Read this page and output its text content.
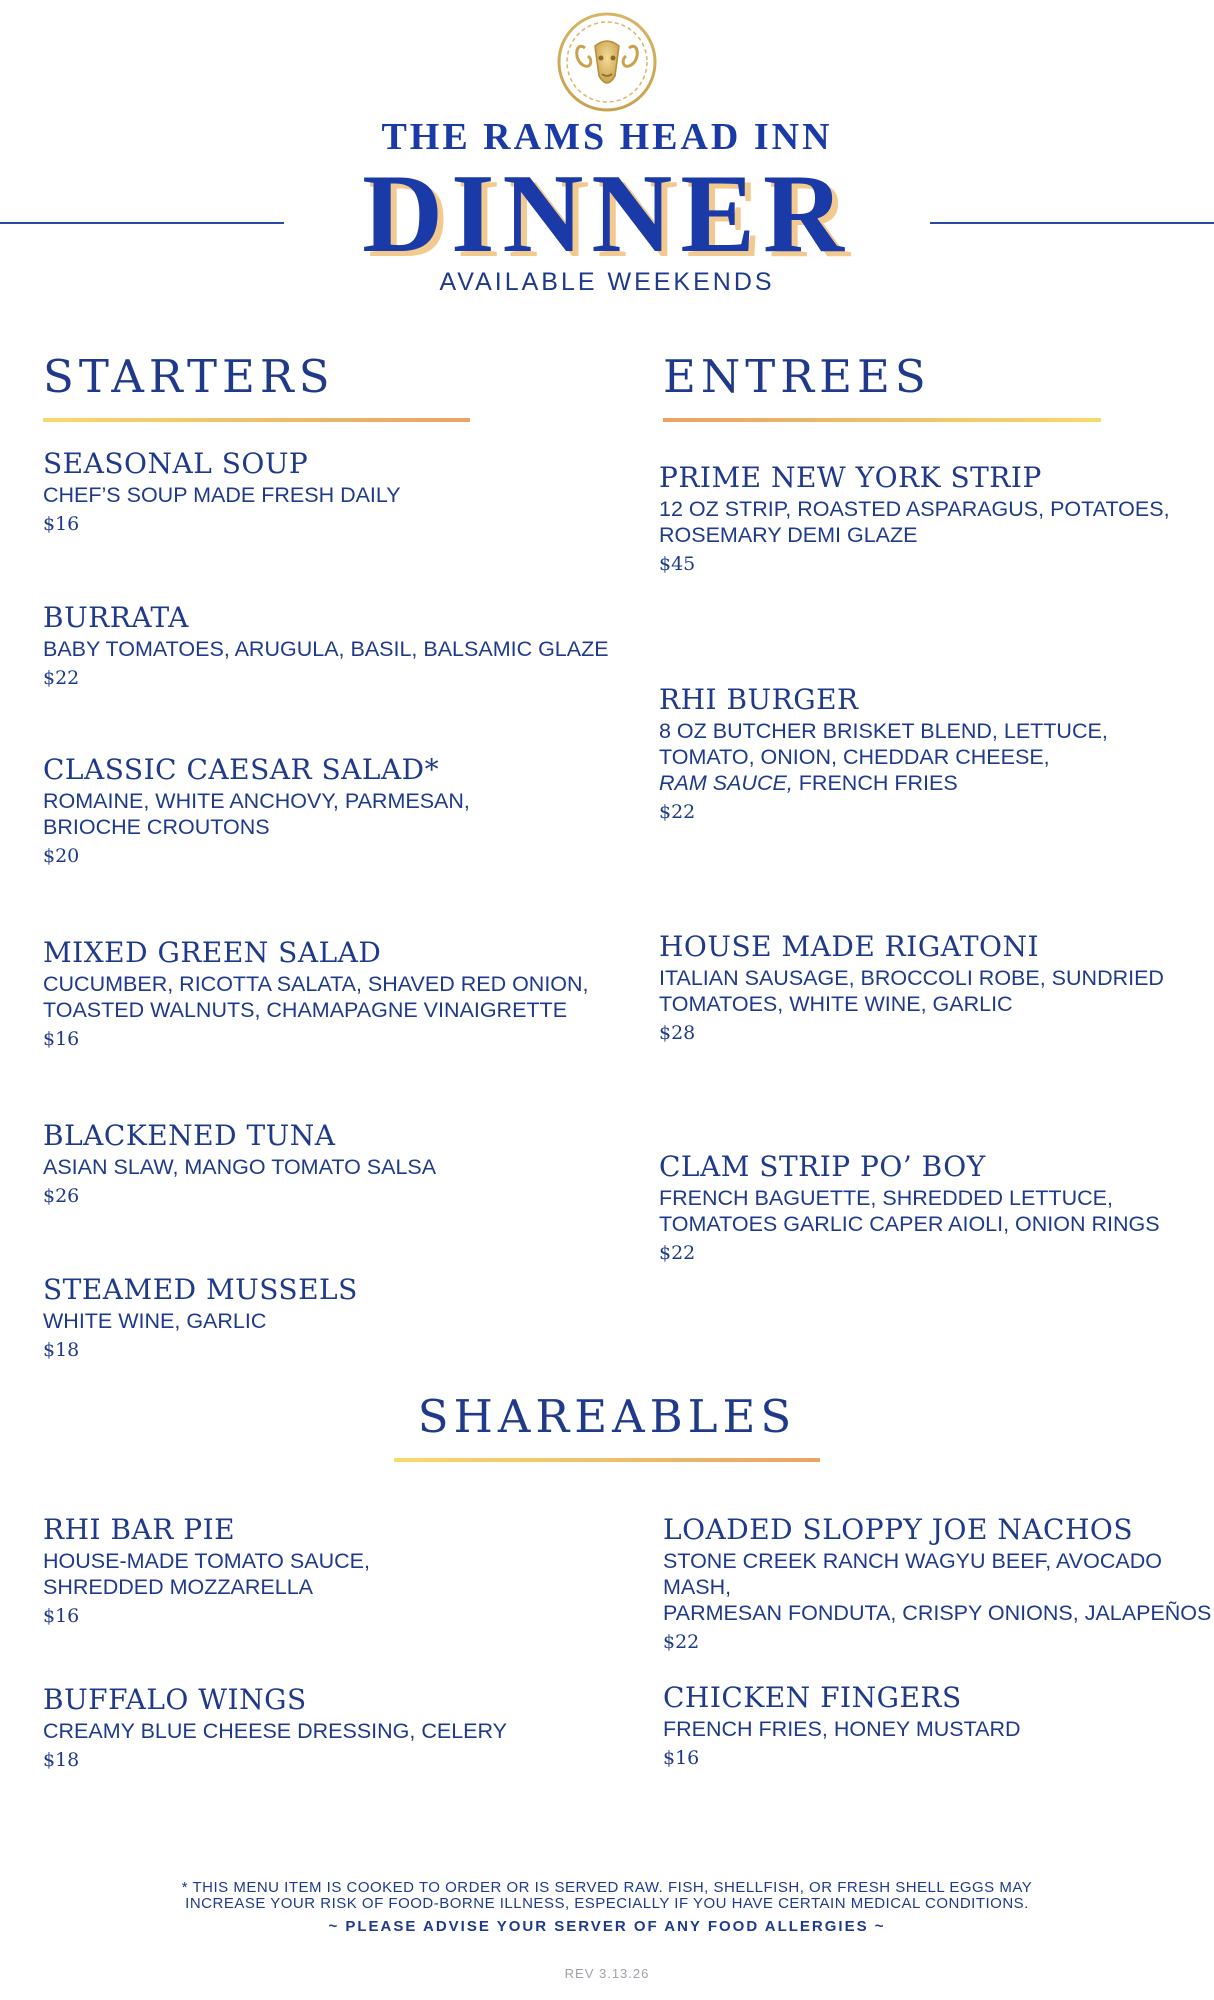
THE RAMS HEAD INN
DINNER
AVAILABLE WEEKENDS
STARTERS
SEASONAL SOUP
CHEF’S SOUP MADE FRESH DAILY
$16
BURRATA
BABY TOMATOES, ARUGULA, BASIL, BALSAMIC GLAZE
$22
CLASSIC CAESAR SALAD*
ROMAINE, WHITE ANCHOVY, PARMESAN,
BRIOCHE CROUTONS
$20
MIXED GREEN SALAD
CUCUMBER, RICOTTA SALATA, SHAVED RED ONION,
TOASTED WALNUTS, CHAMAPAGNE VINAIGRETTE
$16
BLACKENED TUNA
ASIAN SLAW, MANGO TOMATO SALSA
$26
STEAMED MUSSELS
WHITE WINE, GARLIC
$18
ENTREES
PRIME NEW YORK STRIP
12 OZ STRIP, ROASTED ASPARAGUS, POTATOES,
ROSEMARY DEMI GLAZE
$45
RHI BURGER
8 OZ BUTCHER BRISKET BLEND, LETTUCE,
TOMATO, ONION, CHEDDAR CHEESE,
RAM SAUCE, FRENCH FRIES
$22
HOUSE MADE RIGATONI
ITALIAN SAUSAGE, BROCCOLI ROBE, SUNDRIED
TOMATOES, WHITE WINE, GARLIC
$28
CLAM STRIP PO’ BOY
FRENCH BAGUETTE, SHREDDED LETTUCE,
TOMATOES GARLIC CAPER AIOLI, ONION RINGS
$22
SHAREABLES
RHI BAR PIE
HOUSE-MADE TOMATO SAUCE,
SHREDDED MOZZARELLA
$16
BUFFALO WINGS
CREAMY BLUE CHEESE DRESSING, CELERY
$18
LOADED SLOPPY JOE NACHOS
STONE CREEK RANCH WAGYU BEEF, AVOCADO MASH,
PARMESAN FONDUTA, CRISPY ONIONS, JALAPEÑOS
$22
CHICKEN FINGERS
FRENCH FRIES, HONEY MUSTARD
$16
* THIS MENU ITEM IS COOKED TO ORDER OR IS SERVED RAW. FISH, SHELLFISH, OR FRESH SHELL EGGS MAY
INCREASE YOUR RISK OF FOOD-BORNE ILLNESS, ESPECIALLY IF YOU HAVE CERTAIN MEDICAL CONDITIONS.
~ PLEASE ADVISE YOUR SERVER OF ANY FOOD ALLERGIES ~
REV 3.13.26
